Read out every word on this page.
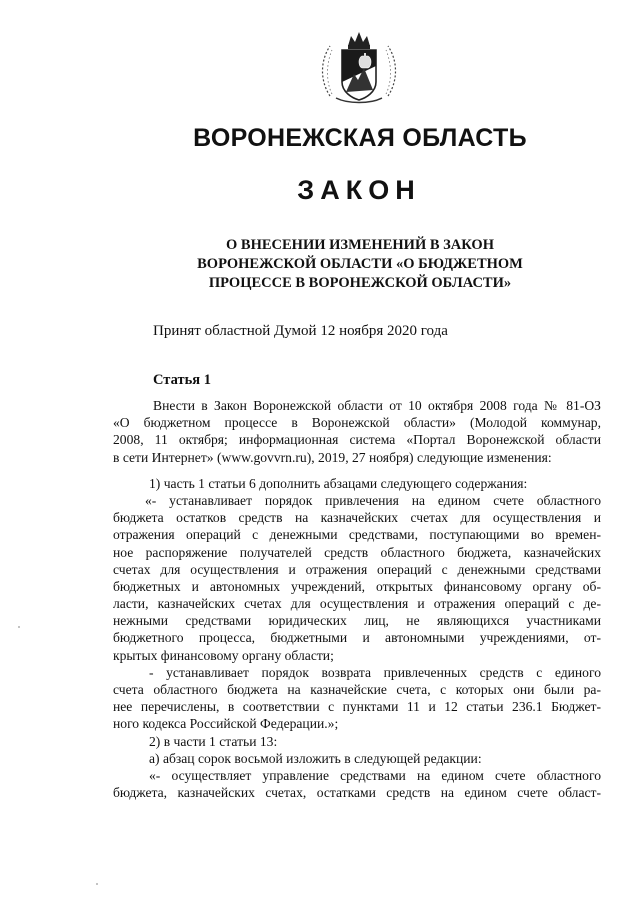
ВОРОНЕЖСКАЯ ОБЛАСТЬ
ЗАКОН
О ВНЕСЕНИИ ИЗМЕНЕНИЙ В ЗАКОН
ВОРОНЕЖСКОЙ ОБЛАСТИ «О БЮДЖЕТНОМ
ПРОЦЕССЕ В ВОРОНЕЖСКОЙ ОБЛАСТИ»
Принят областной Думой 12 ноября 2020 года
Статья 1
Внести в Закон Воронежской области от 10 октября 2008 года № 81-ОЗ
«О бюджетном процессе в Воронежской области» (Молодой коммунар,
2008, 11 октября; информационная система «Портал Воронежской области
в сети Интернет» (www.govvrn.ru), 2019, 27 ноября) следующие изменения:
1) часть 1 статьи 6 дополнить абзацами следующего содержания:
«- устанавливает порядок привлечения на едином счете областного
бюджета остатков средств на казначейских счетах для осуществления и
отражения операций с денежными средствами, поступающими во времен-
ное распоряжение получателей средств областного бюджета, казначейских
счетах для осуществления и отражения операций с денежными средствами
бюджетных и автономных учреждений, открытых финансовому органу об-
ласти, казначейских счетах для осуществления и отражения операций с де-
нежными средствами юридических лиц, не являющихся участниками
бюджетного процесса, бюджетными и автономными учреждениями, от-
крытых финансовому органу области;
- устанавливает порядок возврата привлеченных средств с единого
счета областного бюджета на казначейские счета, с которых они были ра-
нее перечислены, в соответствии с пунктами 11 и 12 статьи 236.1 Бюджет-
ного кодекса Российской Федерации.»;
2) в части 1 статьи 13:
а) абзац сорок восьмой изложить в следующей редакции:
«- осуществляет управление средствами на едином счете областного
бюджета, казначейских счетах, остатками средств на едином счете област-
